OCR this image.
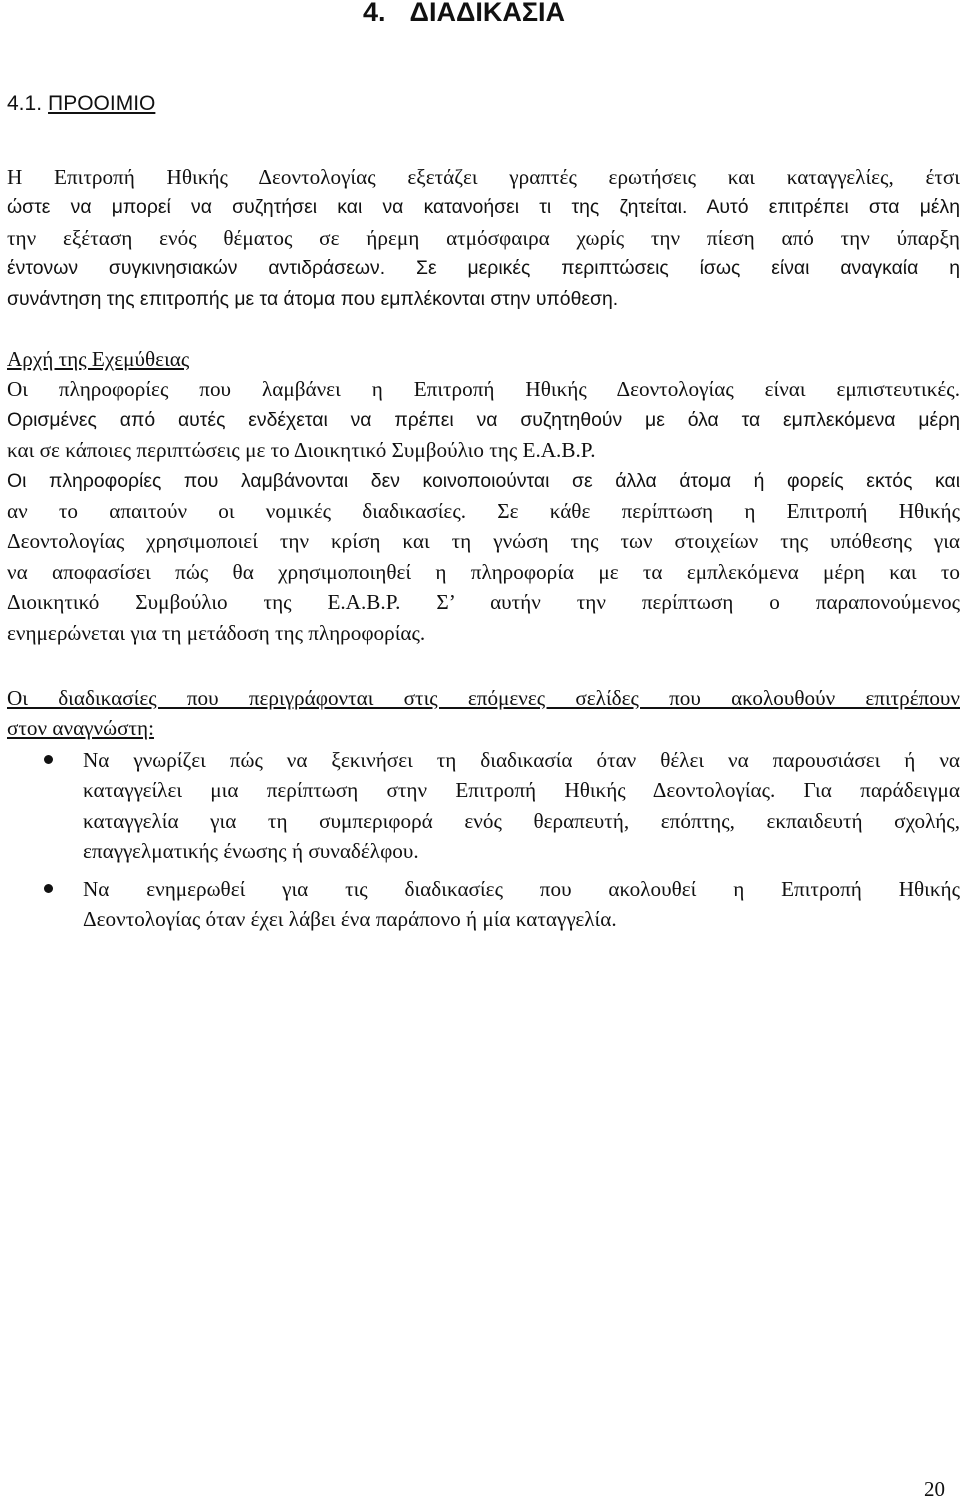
4. ΔΙΑΔΙΚΑΣΙΑ
4.1. ΠΡΟΟΙΜΙΟ

Η Επιτροπή Ηθικής Δεοντολογίας εξετάζει γραπτές ερωτήσεις και καταγγελίες, έτσι
ώστε να μπορεί να συζητήσει και να κατανοήσει τι της ζητείται. Αυτό επιτρέπει στα μέλη
την εξέταση ενός θέματος σε ήρεμη ατμόσφαιρα χωρίς την πίεση από την ύπαρξη
έντονων συγκινησιακών αντιδράσεων. Σε μερικές περιπτώσεις ίσως είναι αναγκαία η
συνάντηση της επιτροπής με τα άτομα που εμπλέκονται στην υπόθεση.

Αρχή της Εχεμύθειας
Οι πληροφορίες που λαμβάνει η Επιτροπή Ηθικής Δεοντολογίας είναι εμπιστευτικές.
Ορισμένες από αυτές ενδέχεται να πρέπει να συζητηθούν με όλα τα εμπλεκόμενα μέρη
και σε κάποιες περιπτώσεις με το Διοικητικό Συμβούλιο της Ε.Α.Β.Ρ.
Οι πληροφορίες που λαμβάνονται δεν κοινοποιούνται σε άλλα άτομα ή φορείς εκτός και
αν το απαιτούν οι νομικές διαδικασίες. Σε κάθε περίπτωση η Επιτροπή Ηθικής
Δεοντολογίας χρησιμοποιεί την κρίση και τη γνώση της των στοιχείων της υπόθεσης για
να αποφασίσει πώς θα χρησιμοποιηθεί η πληροφορία με τα εμπλεκόμενα μέρη και το
Διοικητικό Συμβούλιο της Ε.Α.Β.Ρ. Σ’ αυτήν την περίπτωση ο παραπονούμενος
ενημερώνεται για τη μετάδοση της πληροφορίας.

Οι διαδικασίες που περιγράφονται στις επόμενες σελίδες που ακολουθούν επιτρέπουν
στον αναγνώστη:

Να γνωρίζει πώς να ξεκινήσει τη διαδικασία όταν θέλει να παρουσιάσει ή να
καταγγείλει μια περίπτωση στην Επιτροπή Ηθικής Δεοντολογίας. Για παράδειγμα
καταγγελία για τη συμπεριφορά ενός θεραπευτή, επόπτης, εκπαιδευτή σχολής,
επαγγελματικής ένωσης ή συναδέλφου.
Να ενημερωθεί για τις διαδικασίες που ακολουθεί η Επιτροπή Ηθικής
Δεοντολογίας όταν έχει λάβει ένα παράπονο ή μία καταγγελία.
20
